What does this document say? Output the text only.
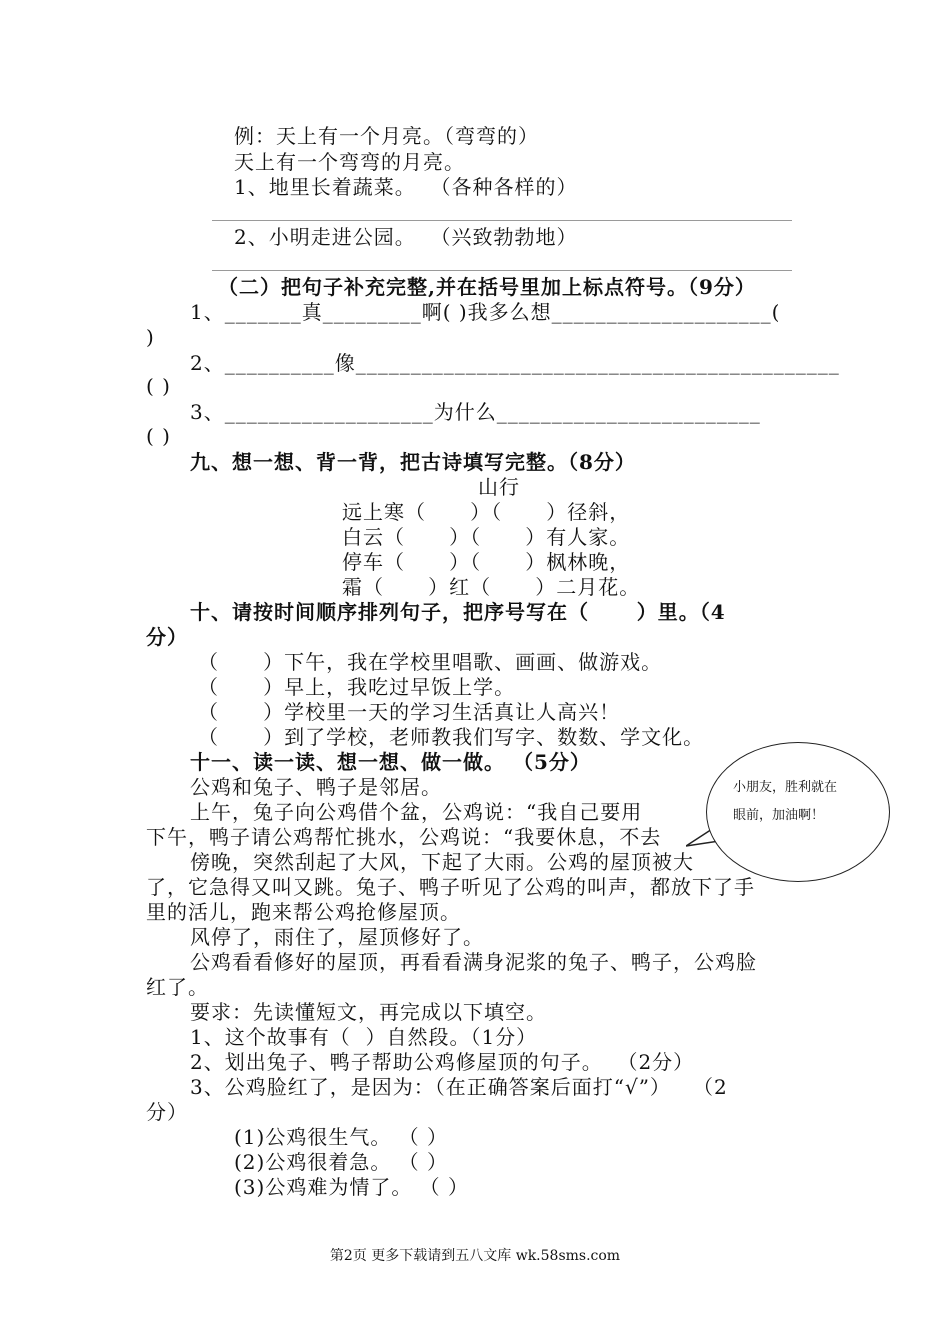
例：天上有一个月亮。（弯弯的）
天上有一个弯弯的月亮。
1、地里长着蔬菜。  （各种各样的）
2、小明走进公园。  （兴致勃勃地）
（二）把句子补充完整,并在括号里加上标点符号。（9分）
1、_______真_________啊( )我多么想____________________(
)
2、__________像____________________________________________
( )
3、___________________为什么________________________
( )
九、想一想、背一背，把古诗填写完整。（8分）
山行
远上寒（      ）（      ）径斜，
白云（      ）（      ）有人家。
停车（      ）（      ）枫林晚，
霜（      ）红（      ）二月花。
十、请按时间顺序排列句子，把序号写在（      ）里。（4
分）
（      ）下午，我在学校里唱歌、画画、做游戏。
（      ）早上，我吃过早饭上学。
（      ）学校里一天的学习生活真让人高兴！
（      ）到了学校，老师教我们写字、数数、学文化。
十一、读一读、想一想、做一做。 （5分）
公鸡和兔子、鸭子是邻居。
上午，兔子向公鸡借个盆，公鸡说：“我自己要用
下午，鸭子请公鸡帮忙挑水，公鸡说：“我要休息，不去
傍晚，突然刮起了大风，下起了大雨。公鸡的屋顶被大
了，它急得又叫又跳。兔子、鸭子听见了公鸡的叫声，都放下了手
里的活儿，跑来帮公鸡抢修屋顶。
风停了，雨住了，屋顶修好了。
公鸡看看修好的屋顶，再看看满身泥浆的兔子、鸭子，公鸡脸
红了。
要求：先读懂短文，再完成以下填空。
1、这个故事有（  ）自然段。（1分）
2、划出兔子、鸭子帮助公鸡修屋顶的句子。  （2分）
3、公鸡脸红了，是因为：（在正确答案后面打“√”）   （2
分）
(1)公鸡很生气。 （ ）
(2)公鸡很着急。 （ ）
(3)公鸡难为情了。 （ ）
小朋友，胜利就在
眼前，加油啊！
第2页 更多下载请到五八文库 wk.58sms.com
